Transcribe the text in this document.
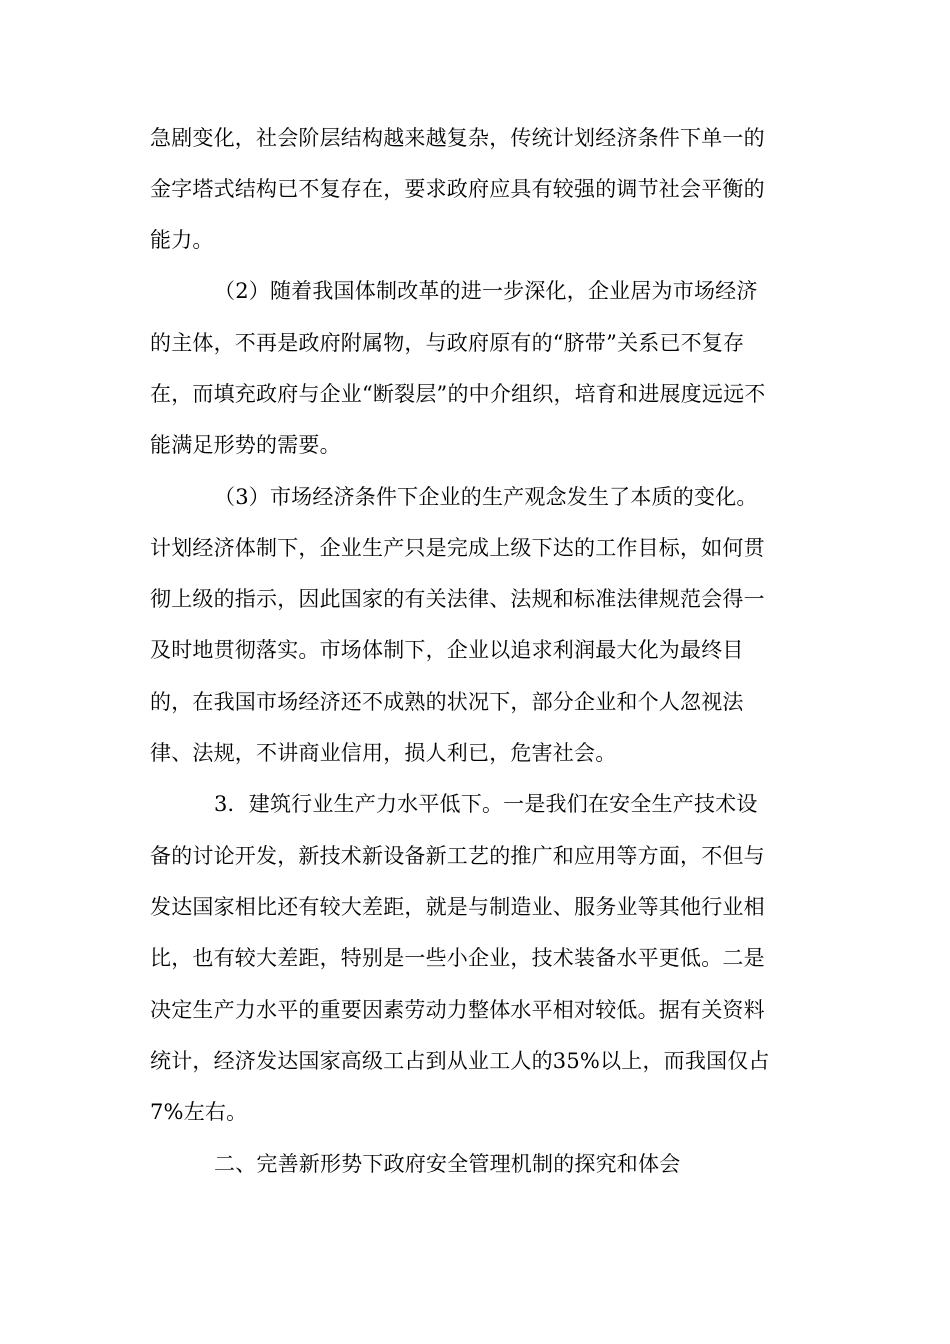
急剧变化，社会阶层结构越来越复杂，传统计划经济条件下单一的
金字塔式结构已不复存在，要求政府应具有较强的调节社会平衡的
能力。
（2）随着我国体制改革的进一步深化，企业居为市场经济
的主体，不再是政府附属物，与政府原有的“脐带”关系已不复存
在，而填充政府与企业“断裂层”的中介组织，培育和进展度远远不
能满足形势的需要。
（3）市场经济条件下企业的生产观念发生了本质的变化。
计划经济体制下，企业生产只是完成上级下达的工作目标，如何贯
彻上级的指示，因此国家的有关法律、法规和标准法律规范会得一
及时地贯彻落实。市场体制下，企业以追求利润最大化为最终目
的，在我国市场经济还不成熟的状况下，部分企业和个人忽视法
律、法规，不讲商业信用，损人利已，危害社会。
3．建筑行业生产力水平低下。一是我们在安全生产技术设
备的讨论开发，新技术新设备新工艺的推广和应用等方面，不但与
发达国家相比还有较大差距，就是与制造业、服务业等其他行业相
比，也有较大差距，特别是一些小企业，技术装备水平更低。二是
决定生产力水平的重要因素劳动力整体水平相对较低。据有关资料
统计，经济发达国家高级工占到从业工人的35%以上，而我国仅占
7%左右。
二、完善新形势下政府安全管理机制的探究和体会
